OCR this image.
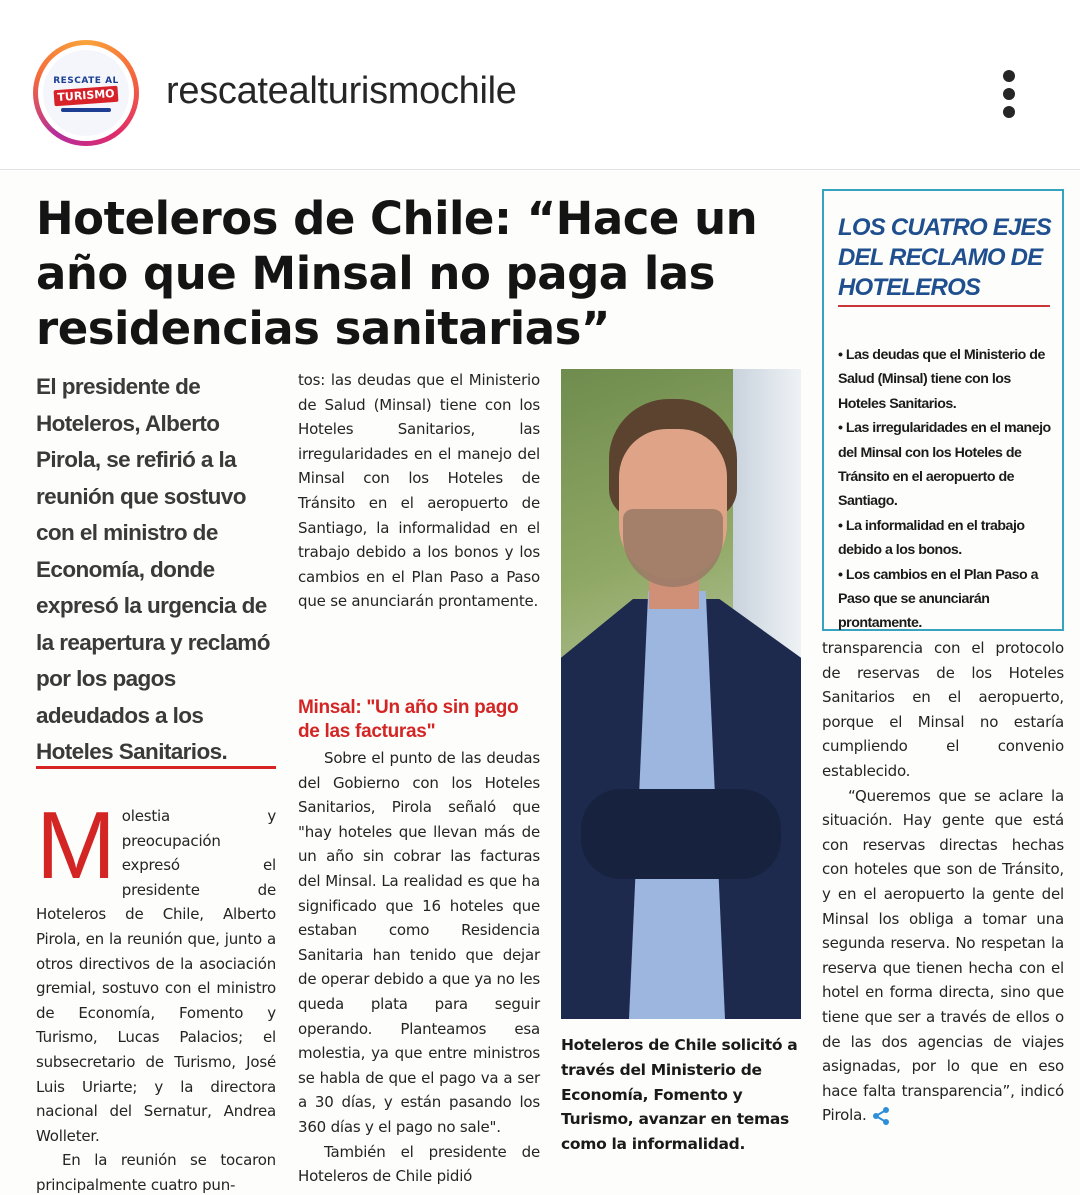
RESCATE AL
TURISMO rescatealturismochile
Hoteleros de Chile: “Hace un año que Minsal no paga las residencias sanitarias”

El presidente de Hoteleros, Alberto Pirola, se refirió a la reunión que sostuvo con el ministro de Economía, donde expresó la urgencia de la reapertura y reclamó por los pagos adeudados a los Hoteles Sanitarios.

M olestia y preocupación expresó el presidente de Hoteleros de Chile, Alberto Pirola, en la reunión que, junto a otros directivos de la asociación gremial, sostuvo con el ministro de Economía, Fomento y Turismo, Lucas Palacios; el subsecretario de Turismo, José Luis Uriarte; y la directora nacional del Sernatur, Andrea Wolleter.

En la reunión se tocaron principalmente cuatro pun-

tos: las deudas que el Ministerio de Salud (Minsal) tiene con los Hoteles Sanitarios, las irregularidades en el manejo del Minsal con los Hoteles de Tránsito en el aeropuerto de Santiago, la informalidad en el trabajo debido a los bonos y los cambios en el Plan Paso a Paso que se anunciarán prontamente.

Minsal: "Un año sin pago de las facturas"

Sobre el punto de las deudas del Gobierno con los Hoteles Sanitarios, Pirola señaló que "hay hoteles que llevan más de un año sin cobrar las facturas del Minsal. La realidad es que ha significado que 16 hoteles que estaban como Residencia Sanitaria han tenido que dejar de operar debido a que ya no les queda plata para seguir operando. Planteamos esa molestia, ya que entre ministros se habla de que el pago va a ser a 30 días, y están pasando los 360 días y el pago no sale".

También el presidente de Hoteleros de Chile pidió

Hoteleros de Chile solicitó a través del Ministerio de Economía, Fomento y Turismo, avanzar en temas como la informalidad.

LOS CUATRO EJES DEL RECLAMO DE HOTELEROS
• Las deudas que el Ministerio de Salud (Minsal) tiene con los Hoteles Sanitarios.
• Las irregularidades en el manejo del Minsal con los Hoteles de Tránsito en el aeropuerto de Santiago.
• La informalidad en el trabajo debido a los bonos.
• Los cambios en el Plan Paso a Paso que se anunciarán prontamente.

transparencia con el protocolo de reservas de los Hoteles Sanitarios en el aeropuerto, porque el Minsal no estaría cumpliendo el convenio establecido.

“Queremos que se aclare la situación. Hay gente que está con reservas directas hechas con hoteles que son de Tránsito, y en el aeropuerto la gente del Minsal los obliga a tomar una segunda reserva. No respetan la reserva que tienen hecha con el hotel en forma directa, sino que tiene que ser a través de ellos o de las dos agencias de viajes asignadas, por lo que en eso hace falta transparencia”, indicó Pirola.
